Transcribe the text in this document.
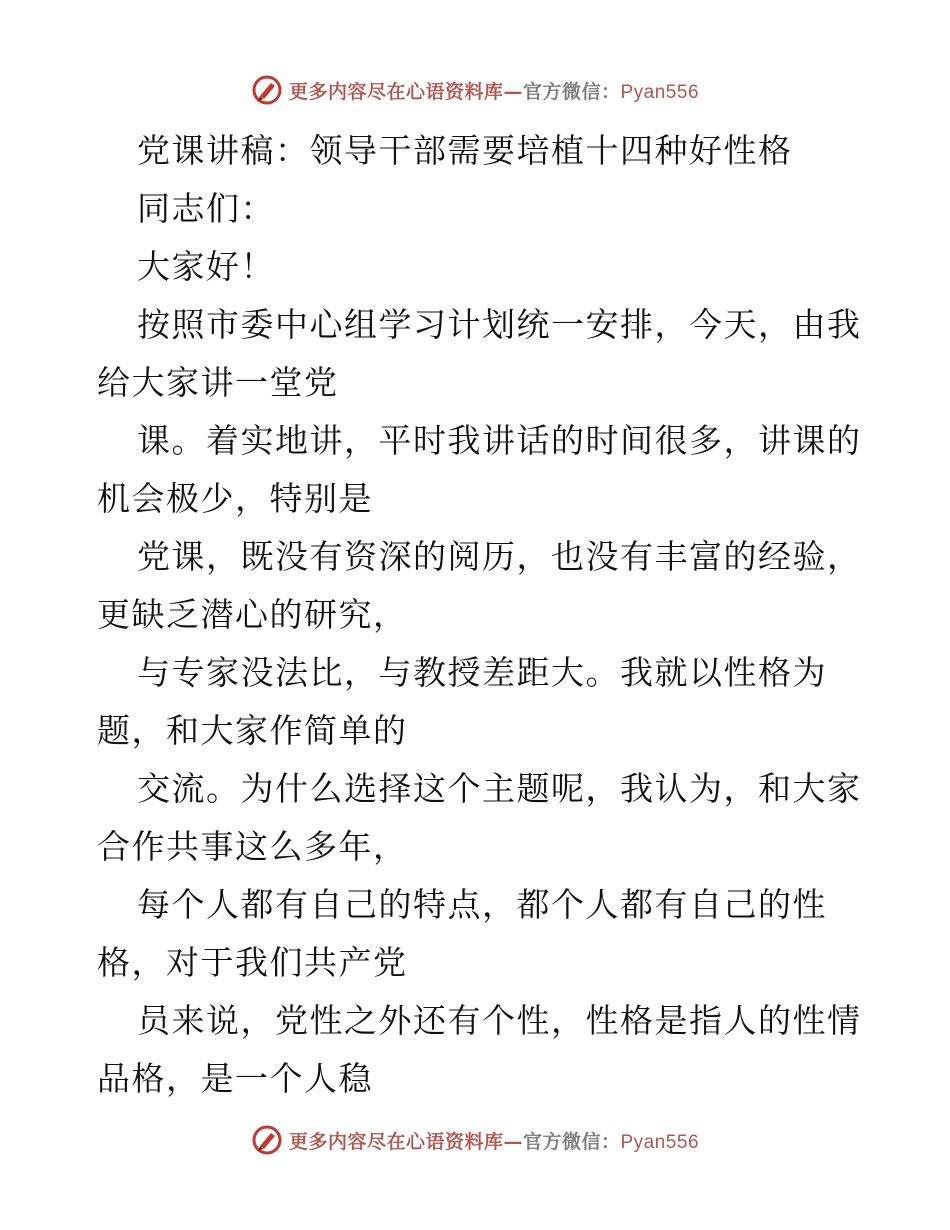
更多内容尽在心语资料库—官方微信：Pyan556
党课讲稿：领导干部需要培植十四种好性格
同志们：
大家好！
按照市委中心组学习计划统一安排，今天，由我
给大家讲一堂党
课。着实地讲，平时我讲话的时间很多，讲课的
机会极少，特别是
党课，既没有资深的阅历，也没有丰富的经验，
更缺乏潜心的研究，
与专家没法比，与教授差距大。我就以性格为
题，和大家作简单的
交流。为什么选择这个主题呢，我认为，和大家
合作共事这么多年，
每个人都有自己的特点，都个人都有自己的性
格，对于我们共产党
员来说，党性之外还有个性，性格是指人的性情
品格，是一个人稳
更多内容尽在心语资料库—官方微信：Pyan556
